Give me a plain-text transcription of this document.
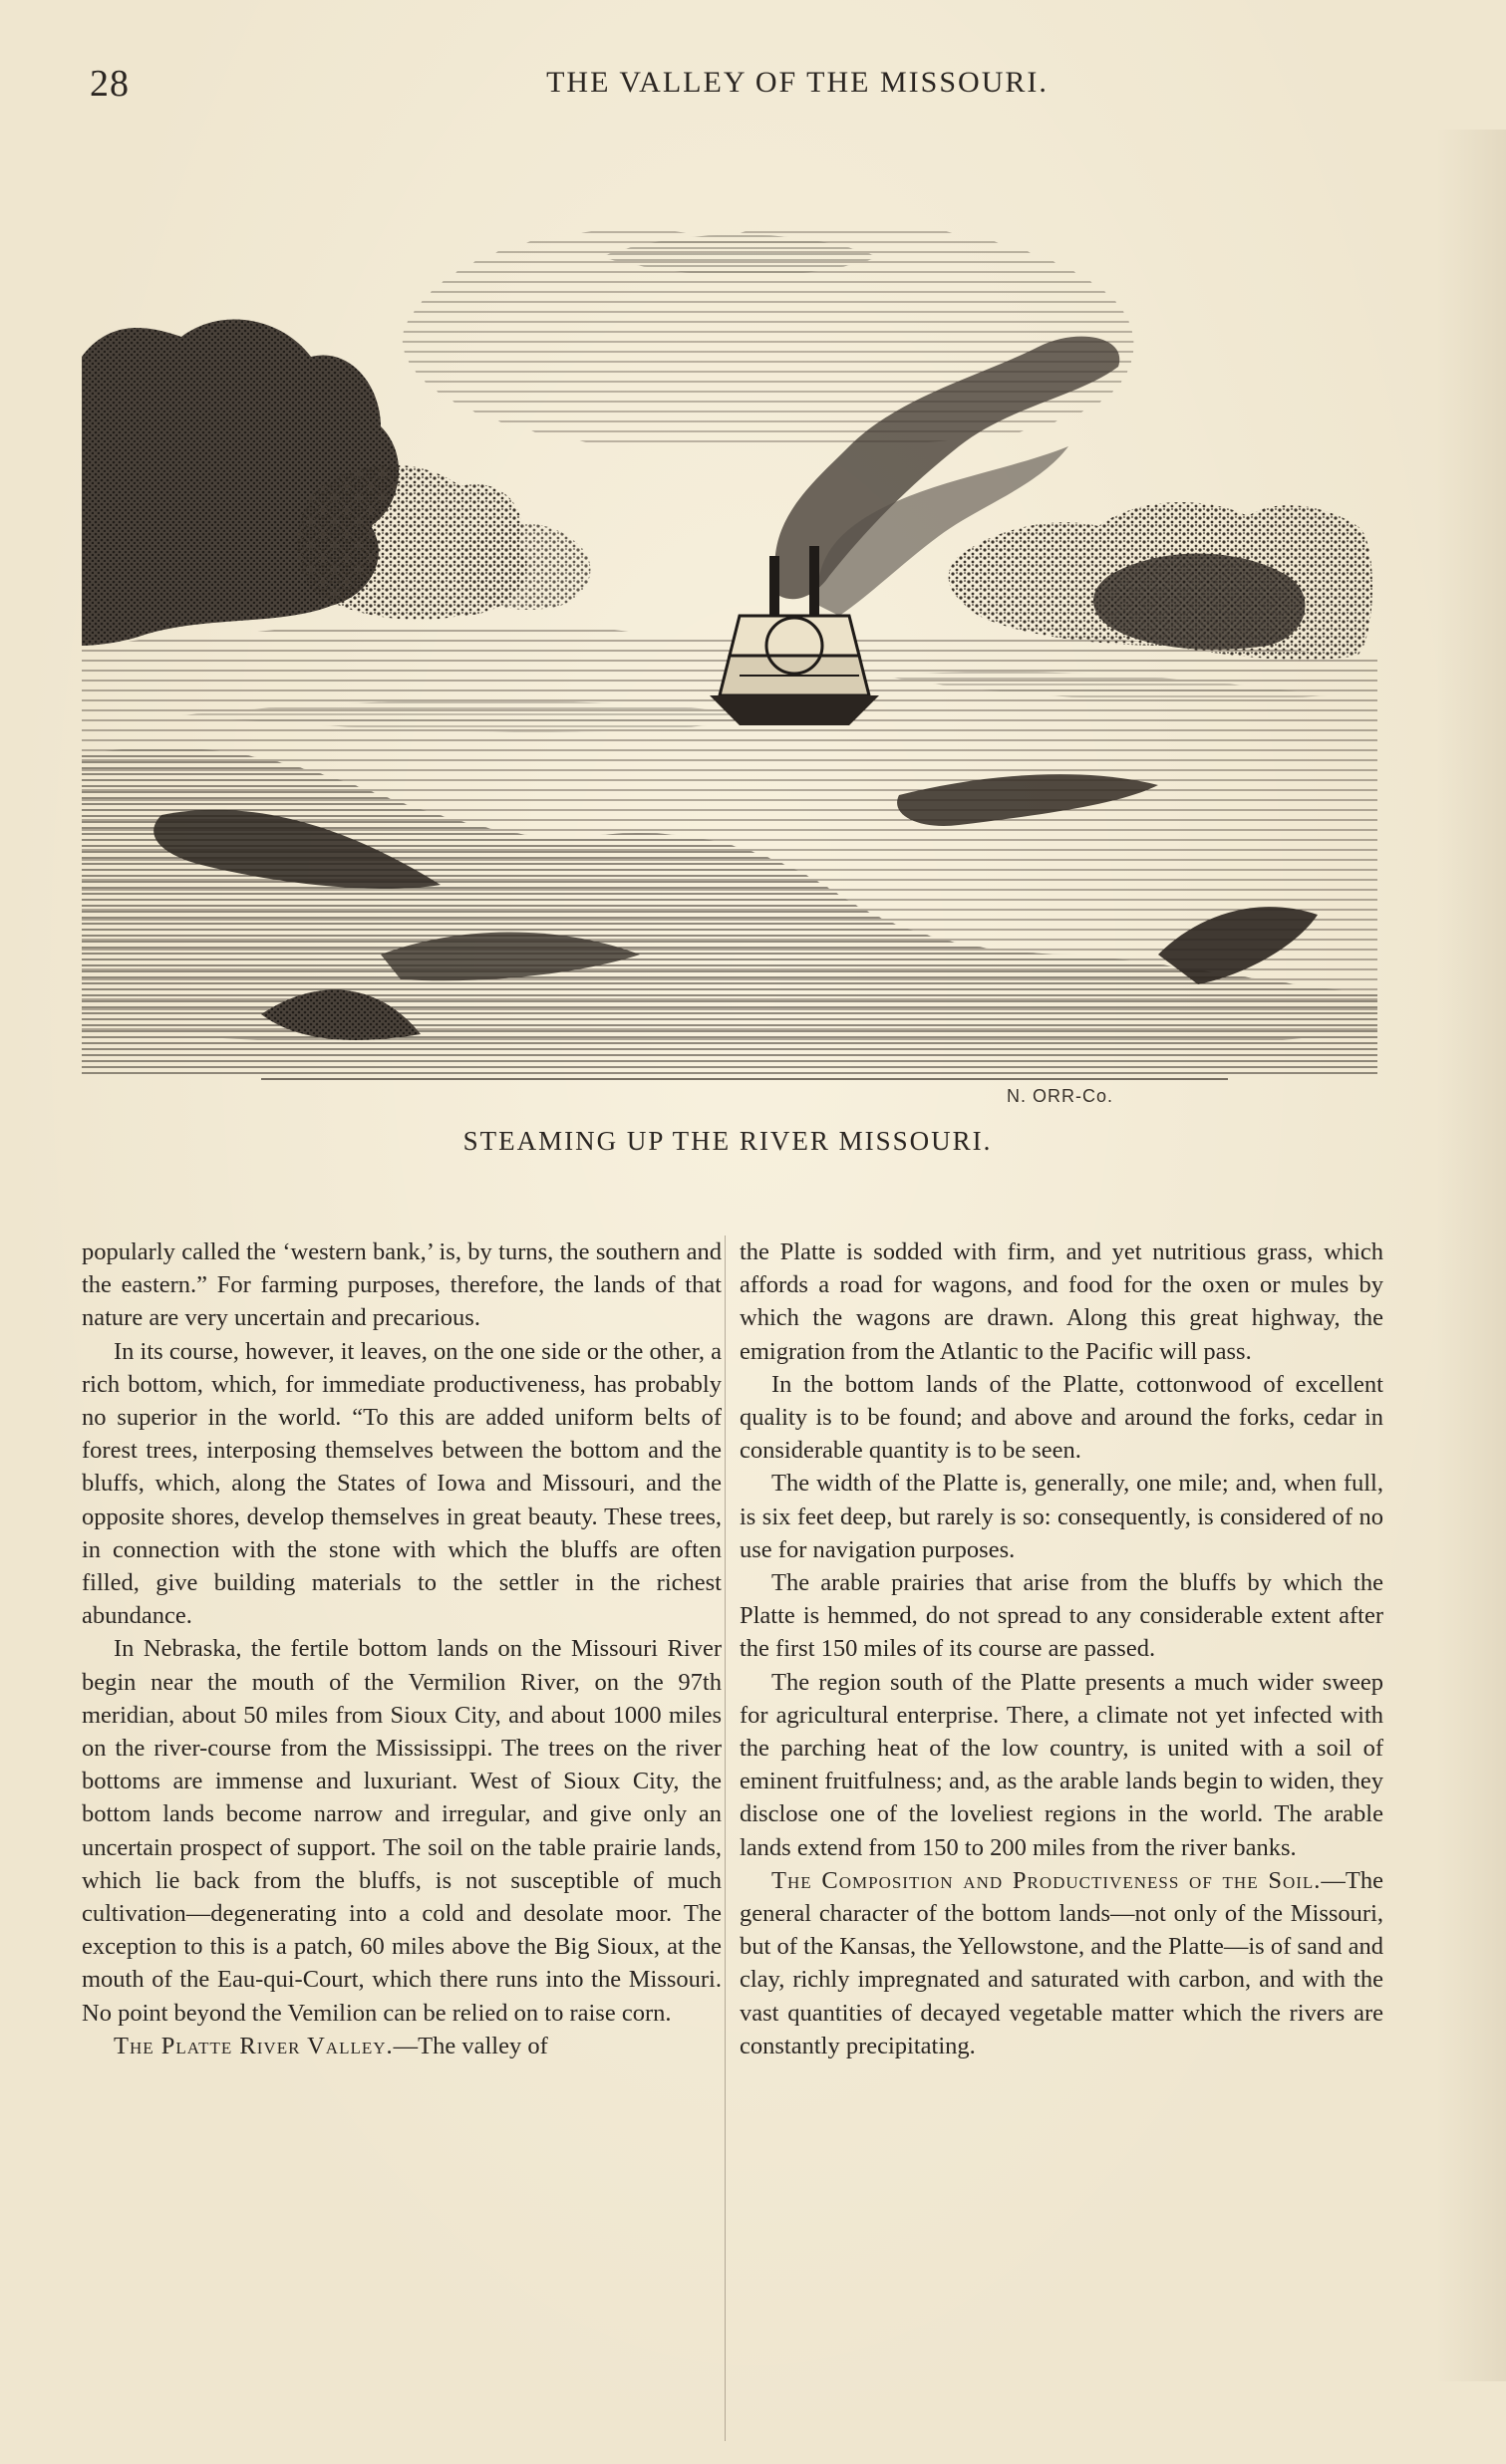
28	THE VALLEY OF THE MISSOURI.
N. ORR-Co.
STEAMING UP THE RIVER MISSOURI.

popularly called the ‘western bank,’ is, by turns, the southern and the eastern.” For farming purposes, therefore, the lands of that nature are very uncertain and precarious.

In its course, however, it leaves, on the one side or the other, a rich bottom, which, for immediate productiveness, has probably no superior in the world. “To this are added uniform belts of forest trees, interposing themselves between the bottom and the bluffs, which, along the States of Iowa and Missouri, and the opposite shores, develop themselves in great beauty. These trees, in connection with the stone with which the bluffs are often filled, give building materials to the settler in the richest abundance.

In Nebraska, the fertile bottom lands on the Missouri River begin near the mouth of the Vermilion River, on the 97th meridian, about 50 miles from Sioux City, and about 1000 miles on the river-course from the Mississippi. The trees on the river bottoms are immense and luxuriant. West of Sioux City, the bottom lands become narrow and irregular, and give only an uncertain prospect of support. The soil on the table prairie lands, which lie back from the bluffs, is not susceptible of much cultivation—degenerating into a cold and desolate moor. The exception to this is a patch, 60 miles above the Big Sioux, at the mouth of the Eau-qui-Court, which there runs into the Missouri. No point beyond the Vemilion can be relied on to raise corn.

The Platte River Valley.—The valley of

the Platte is sodded with firm, and yet nutritious grass, which affords a road for wagons, and food for the oxen or mules by which the wagons are drawn. Along this great highway, the emigration from the Atlantic to the Pacific will pass.

In the bottom lands of the Platte, cottonwood of excellent quality is to be found; and above and around the forks, cedar in considerable quantity is to be seen.

The width of the Platte is, generally, one mile; and, when full, is six feet deep, but rarely is so: consequently, is considered of no use for navigation purposes.

The arable prairies that arise from the bluffs by which the Platte is hemmed, do not spread to any considerable extent after the first 150 miles of its course are passed.

The region south of the Platte presents a much wider sweep for agricultural enterprise. There, a climate not yet infected with the parching heat of the low country, is united with a soil of eminent fruitfulness; and, as the arable lands begin to widen, they disclose one of the loveliest regions in the world. The arable lands extend from 150 to 200 miles from the river banks.

The Composition and Productiveness of the Soil.—The general character of the bottom lands—not only of the Missouri, but of the Kansas, the Yellowstone, and the Platte—is of sand and clay, richly impregnated and saturated with carbon, and with the vast quantities of decayed vegetable matter which the rivers are constantly precipitating.
